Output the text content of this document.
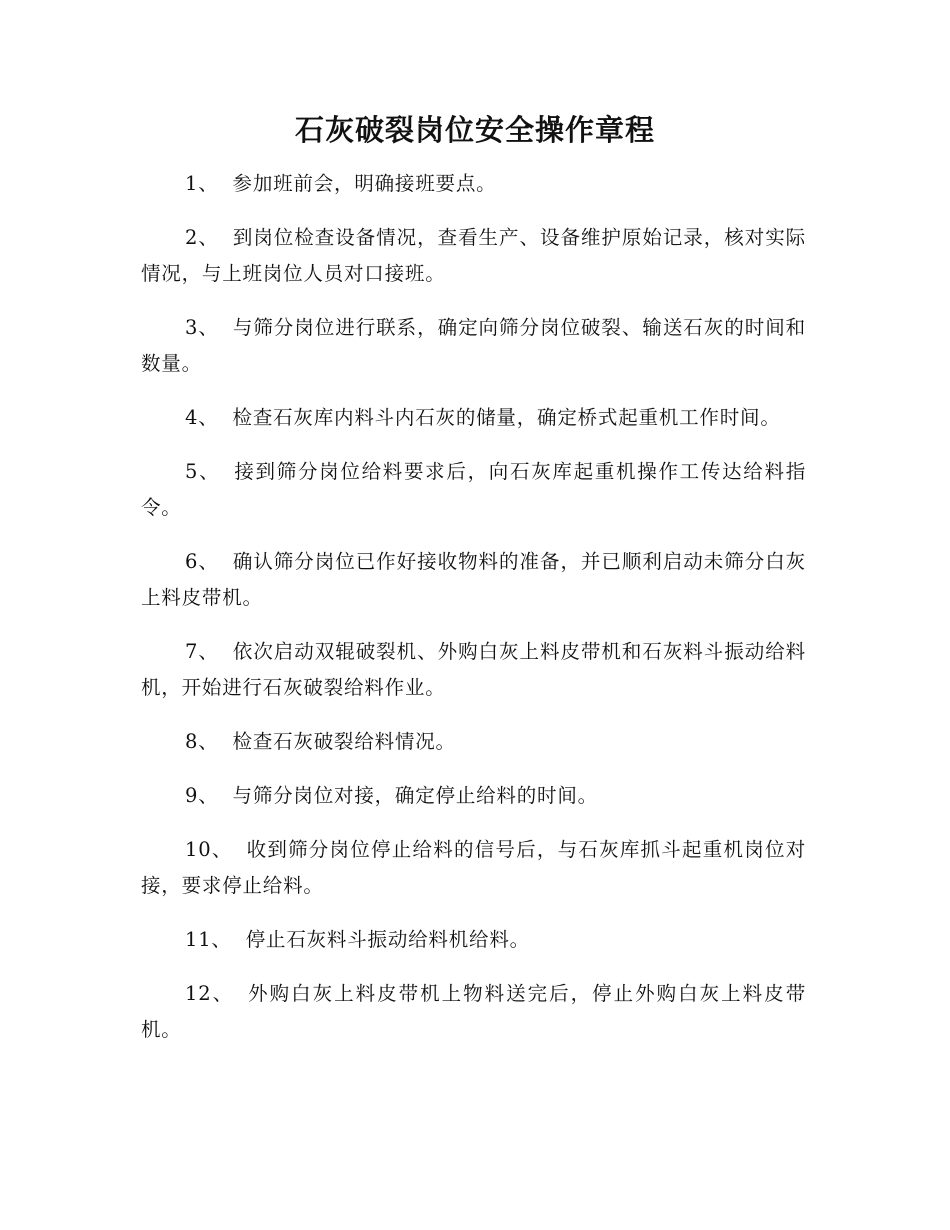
石灰破裂岗位安全操作章程
1、 参加班前会，明确接班要点。
2、 到岗位检查设备情况，查看生产、设备维护原始记录，核对实际情况，与上班岗位人员对口接班。
3、 与筛分岗位进行联系，确定向筛分岗位破裂、输送石灰的时间和数量。
4、 检查石灰库内料斗内石灰的储量，确定桥式起重机工作时间。
5、 接到筛分岗位给料要求后，向石灰库起重机操作工传达给料指令。
6、 确认筛分岗位已作好接收物料的准备，并已顺利启动未筛分白灰上料皮带机。
7、 依次启动双辊破裂机、外购白灰上料皮带机和石灰料斗振动给料机，开始进行石灰破裂给料作业。
8、 检查石灰破裂给料情况。
9、 与筛分岗位对接，确定停止给料的时间。
10、 收到筛分岗位停止给料的信号后，与石灰库抓斗起重机岗位对接，要求停止给料。
11、 停止石灰料斗振动给料机给料。
12、 外购白灰上料皮带机上物料送完后，停止外购白灰上料皮带机。
